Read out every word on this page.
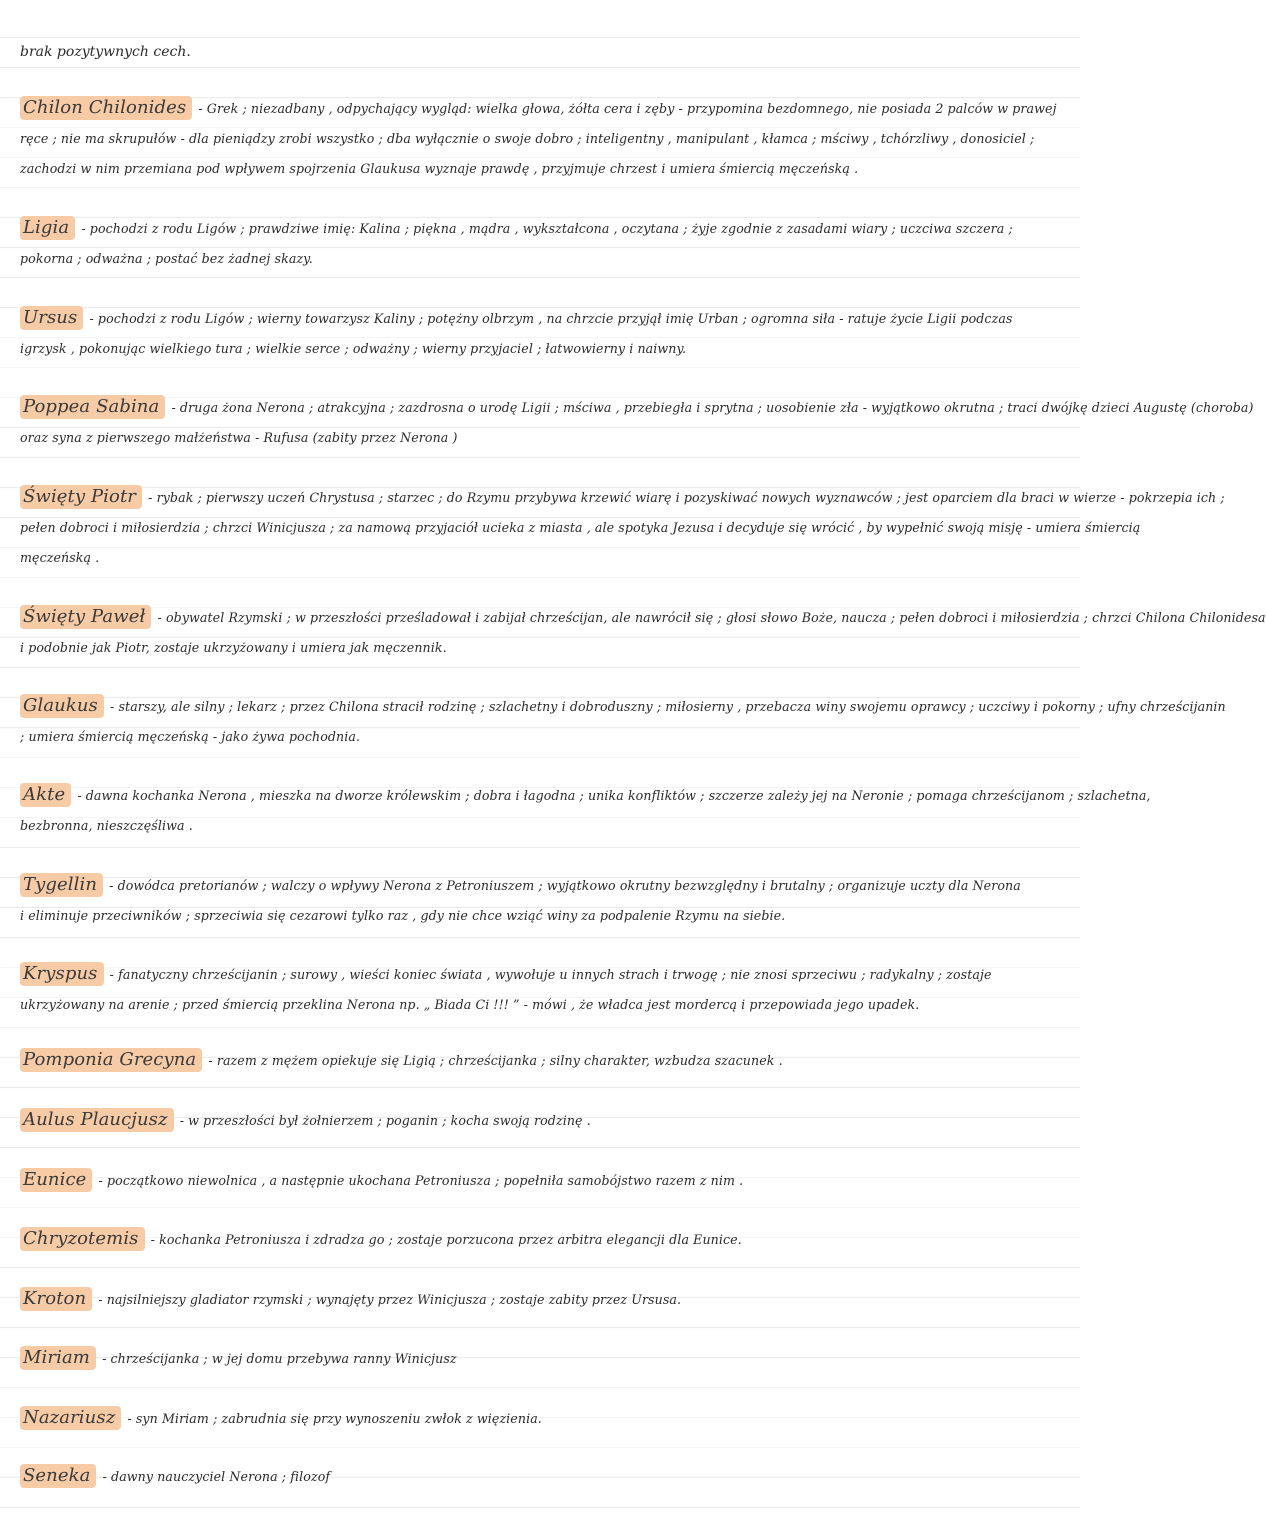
brak pozytywnych cech.
Chilon Chilonides - Grek ; niezadbany , odpychający wygląd: wielka głowa, żółta cera i zęby - przypomina bezdomnego, nie posiada 2 palców w prawej
ręce ; nie ma skrupułów - dla pieniądzy zrobi wszystko ; dba wyłącznie o swoje dobro ; inteligentny , manipulant , kłamca ; mściwy , tchórzliwy , donosiciel ;
zachodzi w nim przemiana pod wpływem spojrzenia Glaukusa wyznaje prawdę , przyjmuje chrzest i umiera śmiercią męczeńską .
Ligia - pochodzi z rodu Ligów ; prawdziwe imię: Kalina ; piękna , mądra , wykształcona , oczytana ; żyje zgodnie z zasadami wiary ; uczciwa szczera ;
pokorna ; odważna ; postać bez żadnej skazy.
Ursus - pochodzi z rodu Ligów ; wierny towarzysz Kaliny ; potężny olbrzym , na chrzcie przyjął imię Urban ; ogromna siła - ratuje życie Ligii podczas
igrzysk , pokonując wielkiego tura ; wielkie serce ; odważny ; wierny przyjaciel ; łatwowierny i naiwny.
Poppea Sabina - druga żona Nerona ; atrakcyjna ; zazdrosna o urodę Ligii ; mściwa , przebiegła i sprytna ; uosobienie zła - wyjątkowo okrutna ; traci dwójkę dzieci Augustę (choroba)
oraz syna z pierwszego małżeństwa - Rufusa (zabity przez Nerona )
Święty Piotr - rybak ; pierwszy uczeń Chrystusa ; starzec ; do Rzymu przybywa krzewić wiarę i pozyskiwać nowych wyznawców ; jest oparciem dla braci w wierze - pokrzepia ich ;
pełen dobroci i miłosierdzia ; chrzci Winicjusza ; za namową przyjaciół ucieka z miasta , ale spotyka Jezusa i decyduje się wrócić , by wypełnić swoją misję - umiera śmiercią
męczeńską .
Święty Paweł - obywatel Rzymski ; w przeszłości prześladował i zabijał chrześcijan, ale nawrócił się ; głosi słowo Boże, naucza ; pełen dobroci i miłosierdzia ; chrzci Chilona Chilonidesa
i podobnie jak Piotr, zostaje ukrzyżowany i umiera jak męczennik.
Glaukus - starszy, ale silny ; lekarz ; przez Chilona stracił rodzinę ; szlachetny i dobroduszny ; miłosierny , przebacza winy swojemu oprawcy ; uczciwy i pokorny ; ufny chrześcijanin
; umiera śmiercią męczeńską - jako żywa pochodnia.
Akte - dawna kochanka Nerona , mieszka na dworze królewskim ; dobra i łagodna ; unika konfliktów ; szczerze zależy jej na Neronie ; pomaga chrześcijanom ; szlachetna,
bezbronna, nieszczęśliwa .
Tygellin - dowódca pretorianów ; walczy o wpływy Nerona z Petroniuszem ; wyjątkowo okrutny bezwzględny i brutalny ; organizuje uczty dla Nerona
i eliminuje przeciwników ; sprzeciwia się cezarowi tylko raz , gdy nie chce wziąć winy za podpalenie Rzymu na siebie.
Kryspus - fanatyczny chrześcijanin ; surowy , wieści koniec świata , wywołuje u innych strach i trwogę ; nie znosi sprzeciwu ; radykalny ; zostaje
ukrzyżowany na arenie ; przed śmiercią przeklina Nerona np. „ Biada Ci !!! ” - mówi , że władca jest mordercą i przepowiada jego upadek.
Pomponia Grecyna - razem z mężem opiekuje się Ligią ; chrześcijanka ; silny charakter, wzbudza szacunek .
Aulus Plaucjusz - w przeszłości był żołnierzem ; poganin ; kocha swoją rodzinę .
Eunice - początkowo niewolnica , a następnie ukochana Petroniusza ; popełniła samobójstwo razem z nim .
Chryzotemis - kochanka Petroniusza i zdradza go ; zostaje porzucona przez arbitra elegancji dla Eunice.
Kroton - najsilniejszy gladiator rzymski ; wynajęty przez Winicjusza ; zostaje zabity przez Ursusa.
Miriam - chrześcijanka ; w jej domu przebywa ranny Winicjusz
Nazariusz - syn Miriam ; zabrudnia się przy wynoszeniu zwłok z więzienia.
Seneka - dawny nauczyciel Nerona ; filozof
